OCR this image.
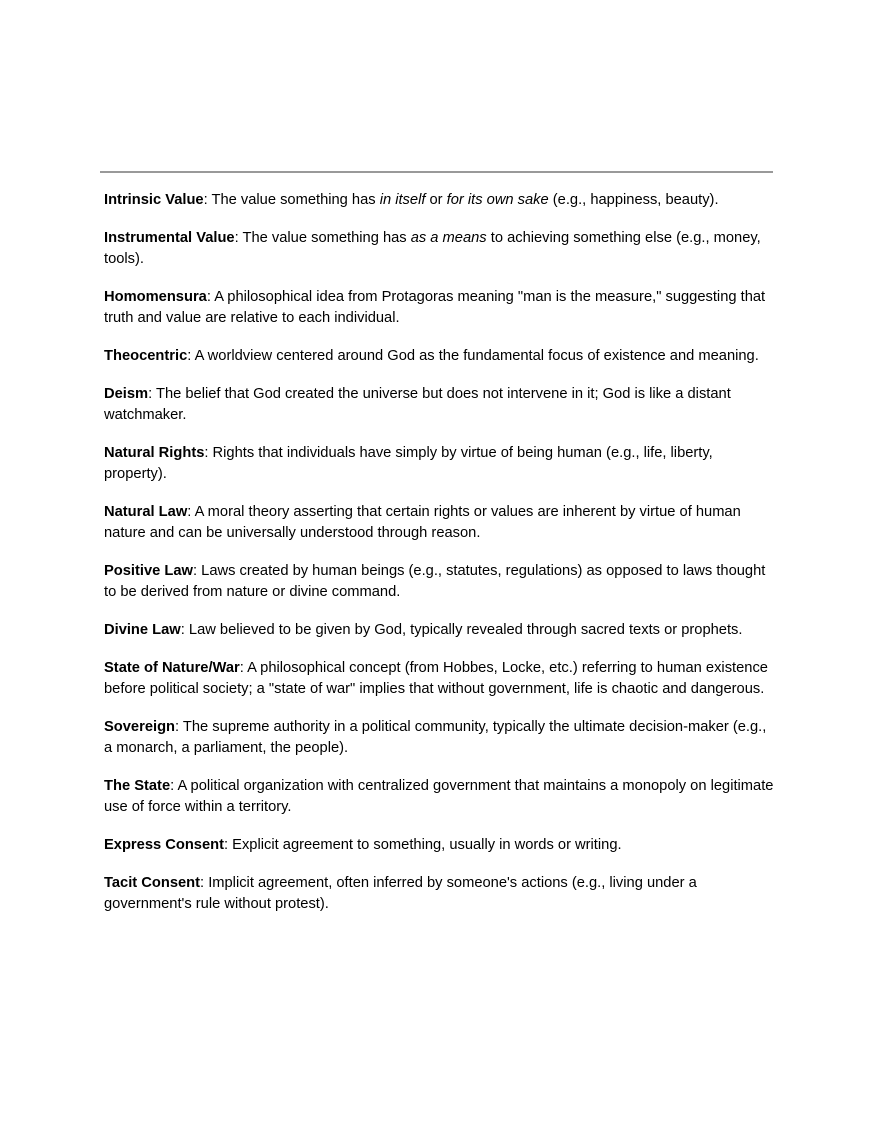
Intrinsic Value: The value something has in itself or for its own sake (e.g., happiness, beauty).

Instrumental Value: The value something has as a means to achieving something else (e.g., money, tools).

Homomensura: A philosophical idea from Protagoras meaning "man is the measure," suggesting that truth and value are relative to each individual.

Theocentric: A worldview centered around God as the fundamental focus of existence and meaning.

Deism: The belief that God created the universe but does not intervene in it; God is like a distant watchmaker.

Natural Rights: Rights that individuals have simply by virtue of being human (e.g., life, liberty, property).

Natural Law: A moral theory asserting that certain rights or values are inherent by virtue of human nature and can be universally understood through reason.

Positive Law: Laws created by human beings (e.g., statutes, regulations) as opposed to laws thought to be derived from nature or divine command.

Divine Law: Law believed to be given by God, typically revealed through sacred texts or prophets.

State of Nature/War: A philosophical concept (from Hobbes, Locke, etc.) referring to human existence before political society; a "state of war" implies that without government, life is chaotic and dangerous.

Sovereign: The supreme authority in a political community, typically the ultimate decision-maker (e.g., a monarch, a parliament, the people).

The State: A political organization with centralized government that maintains a monopoly on legitimate use of force within a territory.

Express Consent: Explicit agreement to something, usually in words or writing.

Tacit Consent: Implicit agreement, often inferred by someone's actions (e.g., living under a government's rule without protest).
